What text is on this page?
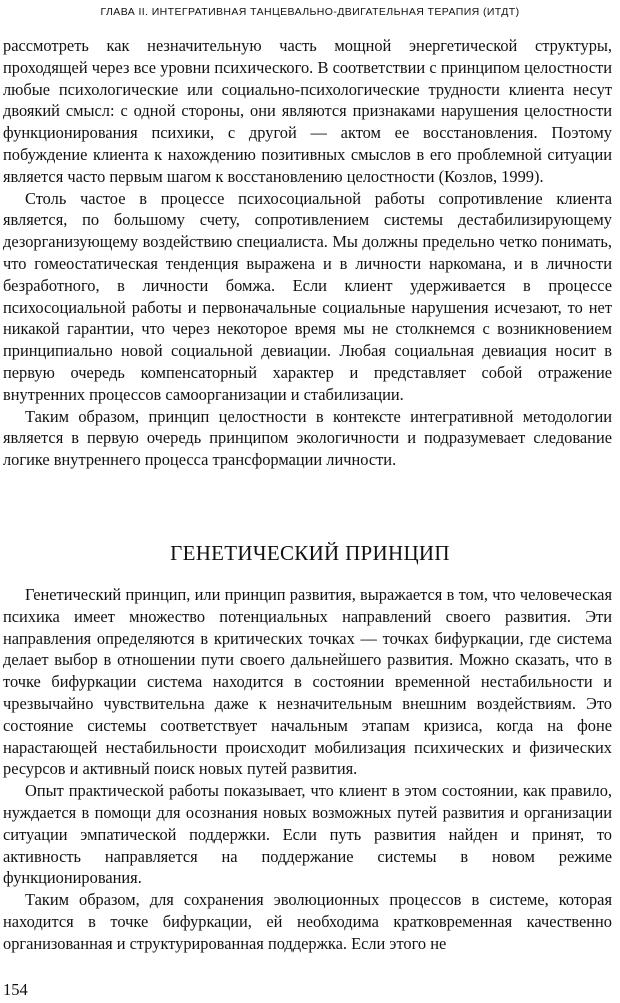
ГЛАВА II. ИНТЕГРАТИВНАЯ ТАНЦЕВАЛЬНО-ДВИГАТЕЛЬНАЯ ТЕРАПИЯ (ИТДТ)

рассмотреть как незначительную часть мощной энергетической структуры, проходящей через все уровни психического. В соответствии с принципом целостности любые психологические или социально-психологические трудности клиента несут двоякий смысл: с одной стороны, они являются признаками нарушения целостности функционирования психики, с другой — актом ее восстановления. Поэтому побуждение клиента к нахождению позитивных смыслов в его проблемной ситуации является часто первым шагом к восстановлению целостности (Козлов, 1999).

Столь частое в процессе психосоциальной работы сопротивление клиента является, по большому счету, сопротивлением системы дестабилизирующему дезорганизующему воздействию специалиста. Мы должны предельно четко понимать, что гомеостатическая тенденция выражена и в личности наркомана, и в личности безработного, в личности бомжа. Если клиент удерживается в процессе психосоциальной работы и первоначальные социальные нарушения исчезают, то нет никакой гарантии, что через некоторое время мы не столкнемся с возникновением принципиально новой социальной девиации. Любая социальная девиация носит в первую очередь компенсаторный характер и представляет собой отражение внутренних процессов самоорганизации и стабилизации.

Таким образом, принцип целостности в контексте интегративной методологии является в первую очередь принципом экологичности и подразумевает следование логике внутреннего процесса трансформации личности.

ГЕНЕТИЧЕСКИЙ ПРИНЦИП

Генетический принцип, или принцип развития, выражается в том, что человеческая психика имеет множество потенциальных направлений своего развития. Эти направления определяются в критических точках — точках бифуркации, где система делает выбор в отношении пути своего дальнейшего развития. Можно сказать, что в точке бифуркации система находится в состоянии временной нестабильности и чрезвычайно чувствительна даже к незначительным внешним воздействиям. Это состояние системы соответствует начальным этапам кризиса, когда на фоне нарастающей нестабильности происходит мобилизация психических и физических ресурсов и активный поиск новых путей развития.

Опыт практической работы показывает, что клиент в этом состоянии, как правило, нуждается в помощи для осознания новых возможных путей развития и организации ситуации эмпатической поддержки. Если путь развития найден и принят, то активность направляется на поддержание системы в новом режиме функционирования.

Таким образом, для сохранения эволюционных процессов в системе, которая находится в точке бифуркации, ей необходима кратковременная качественно организованная и структурированная поддержка. Если этого не

154
